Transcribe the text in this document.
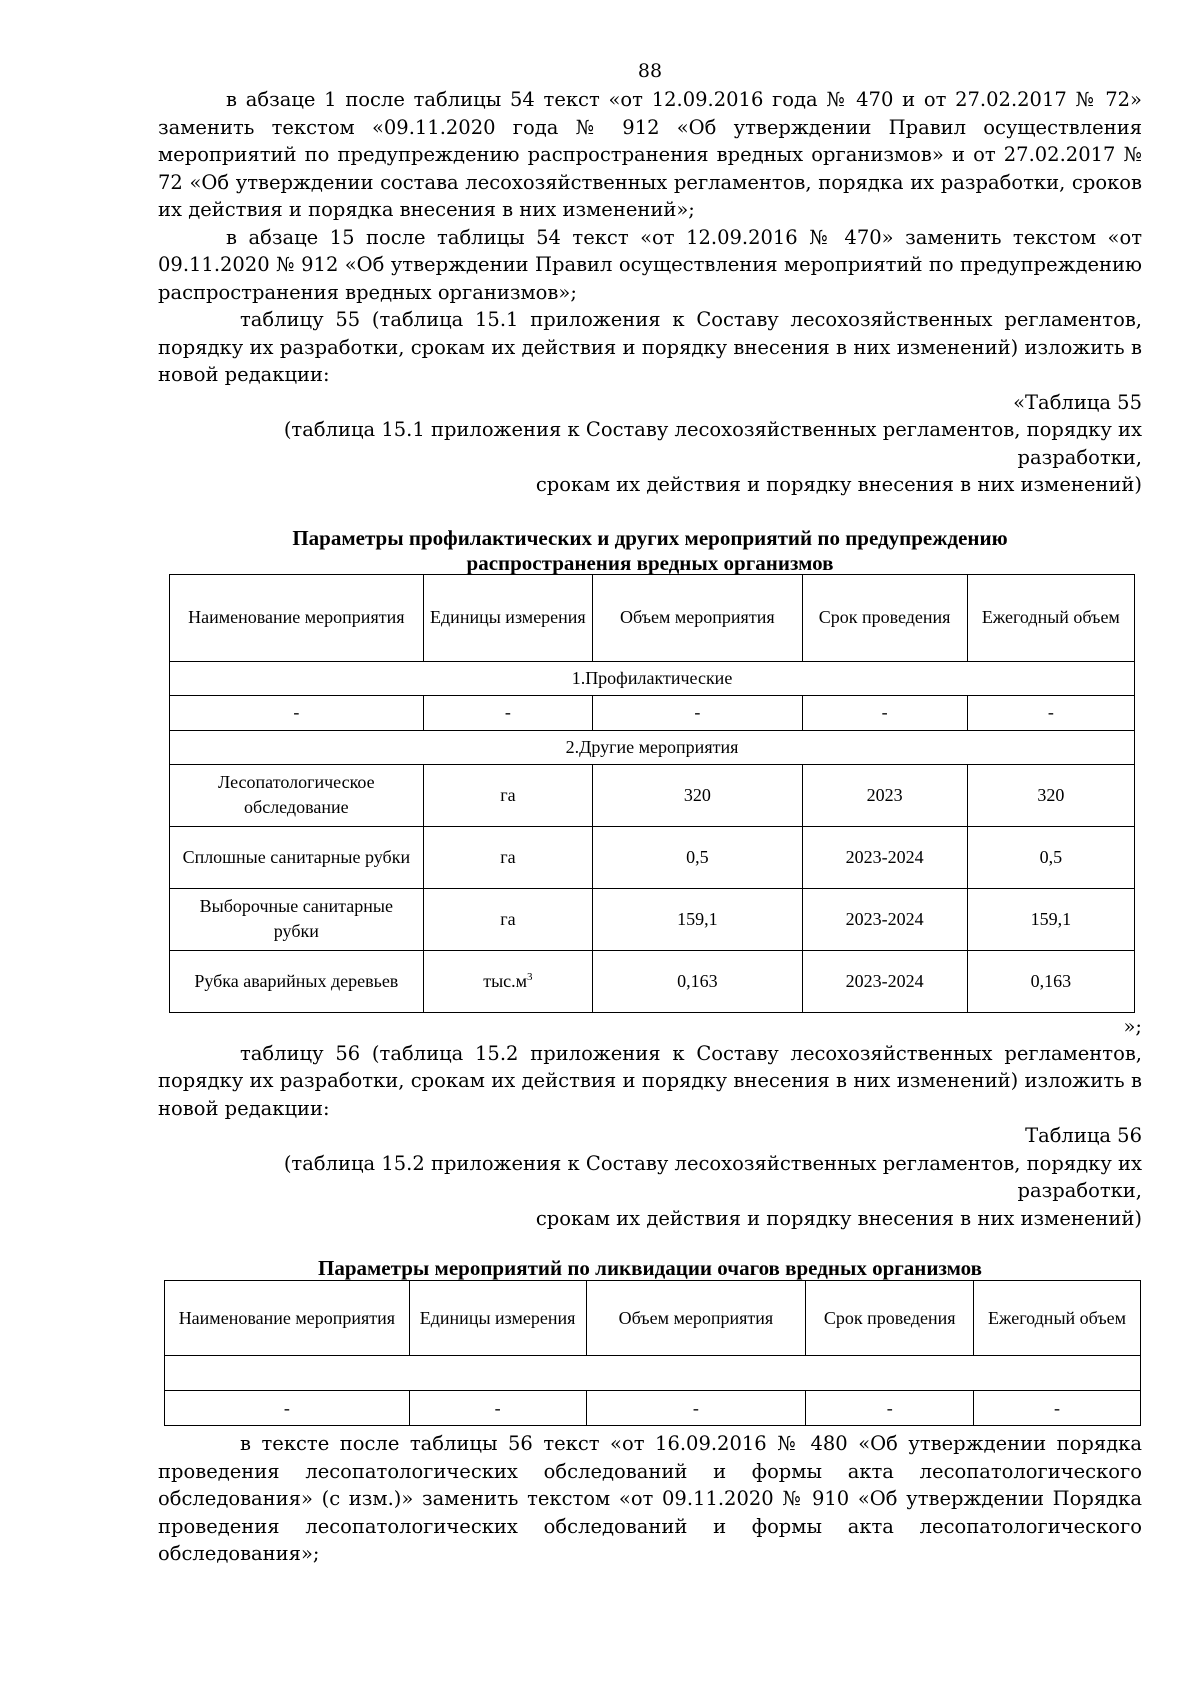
88

в абзаце 1 после таблицы 54 текст «от 12.09.2016 года № 470 и от 27.02.2017 № 72» заменить текстом «09.11.2020 года № 912 «Об утверждении Правил осуществления мероприятий по предупреждению распространения вредных организмов» и от 27.02.2017 № 72 «Об утверждении состава лесохозяйственных регламентов, порядка их разработки, сроков их действия и порядка внесения в них изменений»;

в абзаце 15 после таблицы 54 текст «от 12.09.2016 № 470» заменить текстом «от 09.11.2020 № 912 «Об утверждении Правил осуществления мероприятий по предупреждению распространения вредных организмов»;

таблицу 55 (таблица 15.1 приложения к Составу лесохозяйственных регламентов, порядку их разработки, срокам их действия и порядку внесения в них изменений) изложить в новой редакции:

«Таблица 55
(таблица 15.1 приложения к Составу лесохозяйственных регламентов, порядку их разработки,
срокам их действия и порядку внесения в них изменений)
Параметры профилактических и других мероприятий по предупреждению
распространения вредных организмов
Наименование мероприятия	Единицы измерения	Объем мероприятия	Срок проведения	Ежегодный объем
1.Профилактические				
-	-	-	-	-
2.Другие мероприятия				
Лесопатологическое обследование	га	320	2023	320
Сплошные санитарные рубки	га	0,5	2023-2024	0,5
Выборочные санитарные рубки	га	159,1	2023-2024	159,1
Рубка аварийных деревьев	$тыс.м^3$	0,163	2023-2024	0,163
»;

таблицу 56 (таблица 15.2 приложения к Составу лесохозяйственных регламентов, порядку их разработки, срокам их действия и порядку внесения в них изменений) изложить в новой редакции:

Таблица 56
(таблица 15.2 приложения к Составу лесохозяйственных регламентов, порядку их разработки,
срокам их действия и порядку внесения в них изменений)
Параметры мероприятий по ликвидации очагов вредных организмов
Наименование мероприятия	Единицы измерения	Объем мероприятия	Срок проведения	Ежегодный объем

-	-	-	-	-

в тексте после таблицы 56 текст «от 16.09.2016 № 480 «Об утверждении порядка проведения лесопатологических обследований и формы акта лесопатологического обследования» (с изм.)» заменить текстом «от 09.11.2020 № 910 «Об утверждении Порядка проведения лесопатологических обследований и формы акта лесопатологического обследования»;
